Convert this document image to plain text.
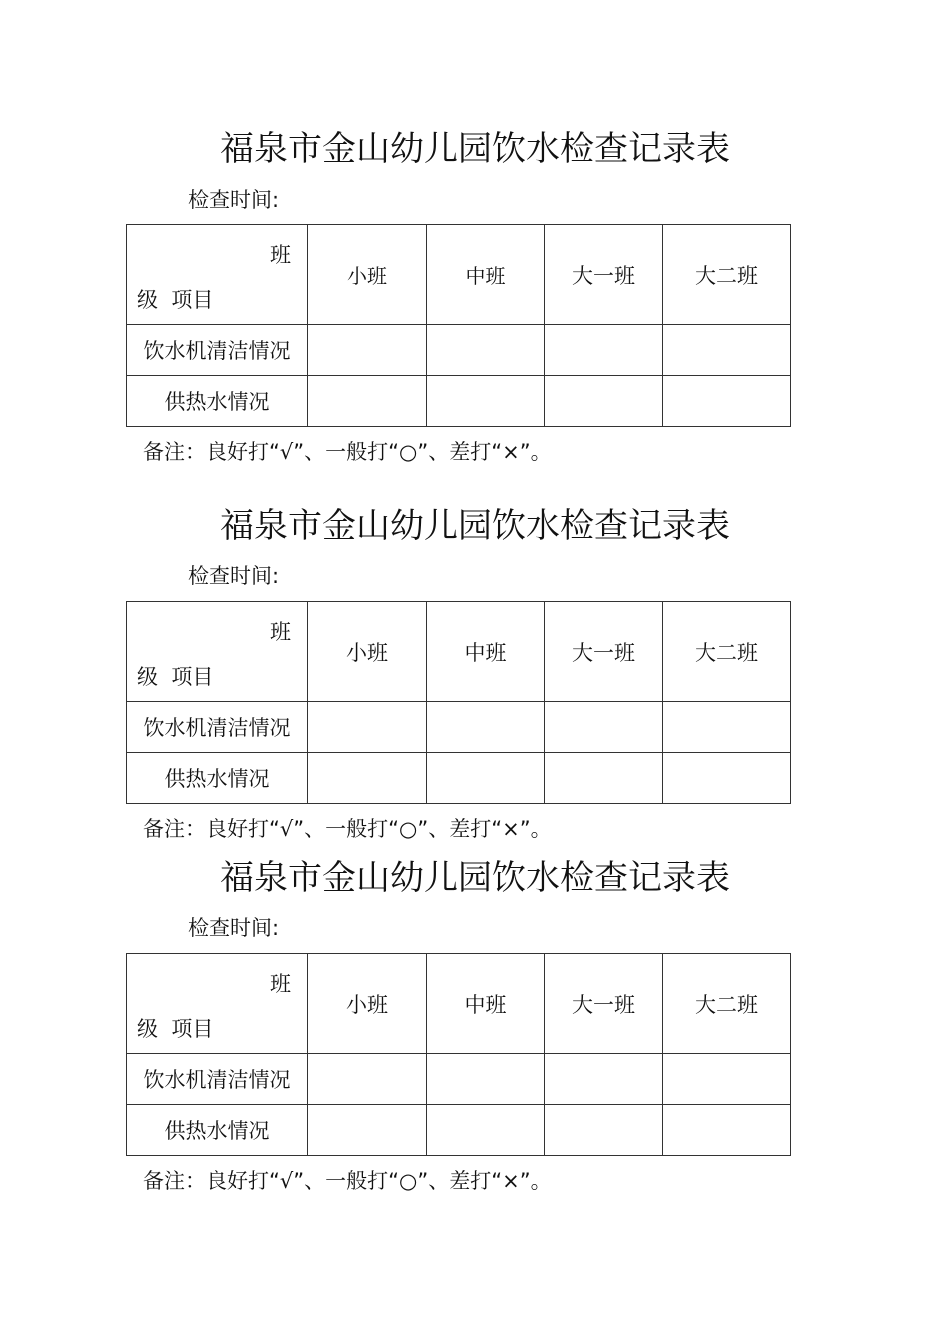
福泉市金山幼儿园饮水检查记录表
检查时间:
班
级  项目	小班	中班	大一班	大二班
饮水机清洁情况				
供热水情况				
备注：良好打“√”、一般打“○”、差打“×”。
福泉市金山幼儿园饮水检查记录表
检查时间:
班
级  项目	小班	中班	大一班	大二班
饮水机清洁情况				
供热水情况				
备注：良好打“√”、一般打“○”、差打“×”。
福泉市金山幼儿园饮水检查记录表
检查时间:
班
级  项目	小班	中班	大一班	大二班
饮水机清洁情况				
供热水情况				
备注：良好打“√”、一般打“○”、差打“×”。
